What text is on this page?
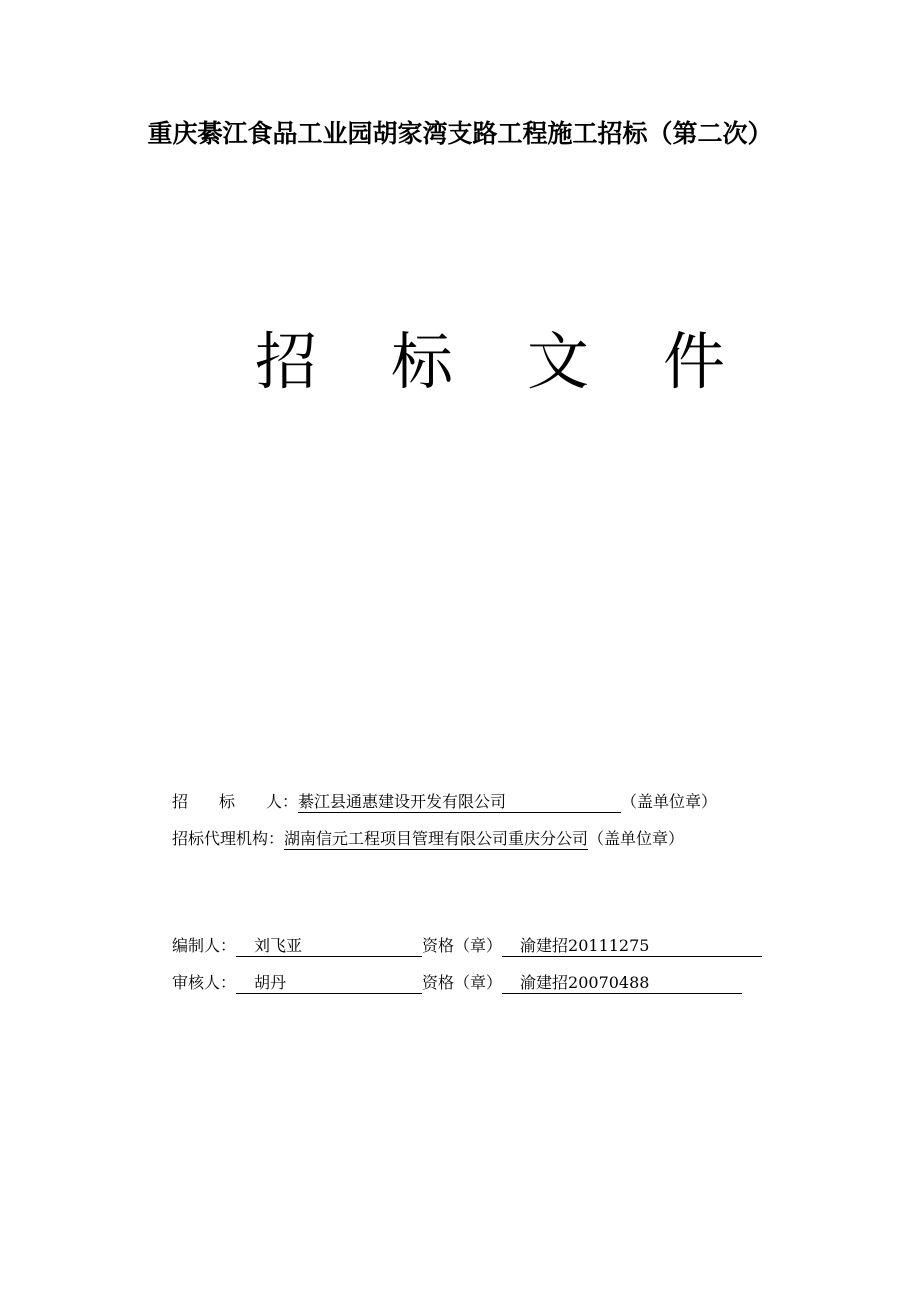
重庆綦江食品工业园胡家湾支路工程施工招标（第二次）
招 标 文 件
招 标 人 ： 綦江县通惠建设开发有限公司	（盖单位章）
招标代理机构： 湖南信元工程项目管理有限公司重庆分公司 （盖单位章）
编制人：	刘飞亚	资格（章）	渝建招20111275
审核人：	胡丹	资格（章）	渝建招20070488
